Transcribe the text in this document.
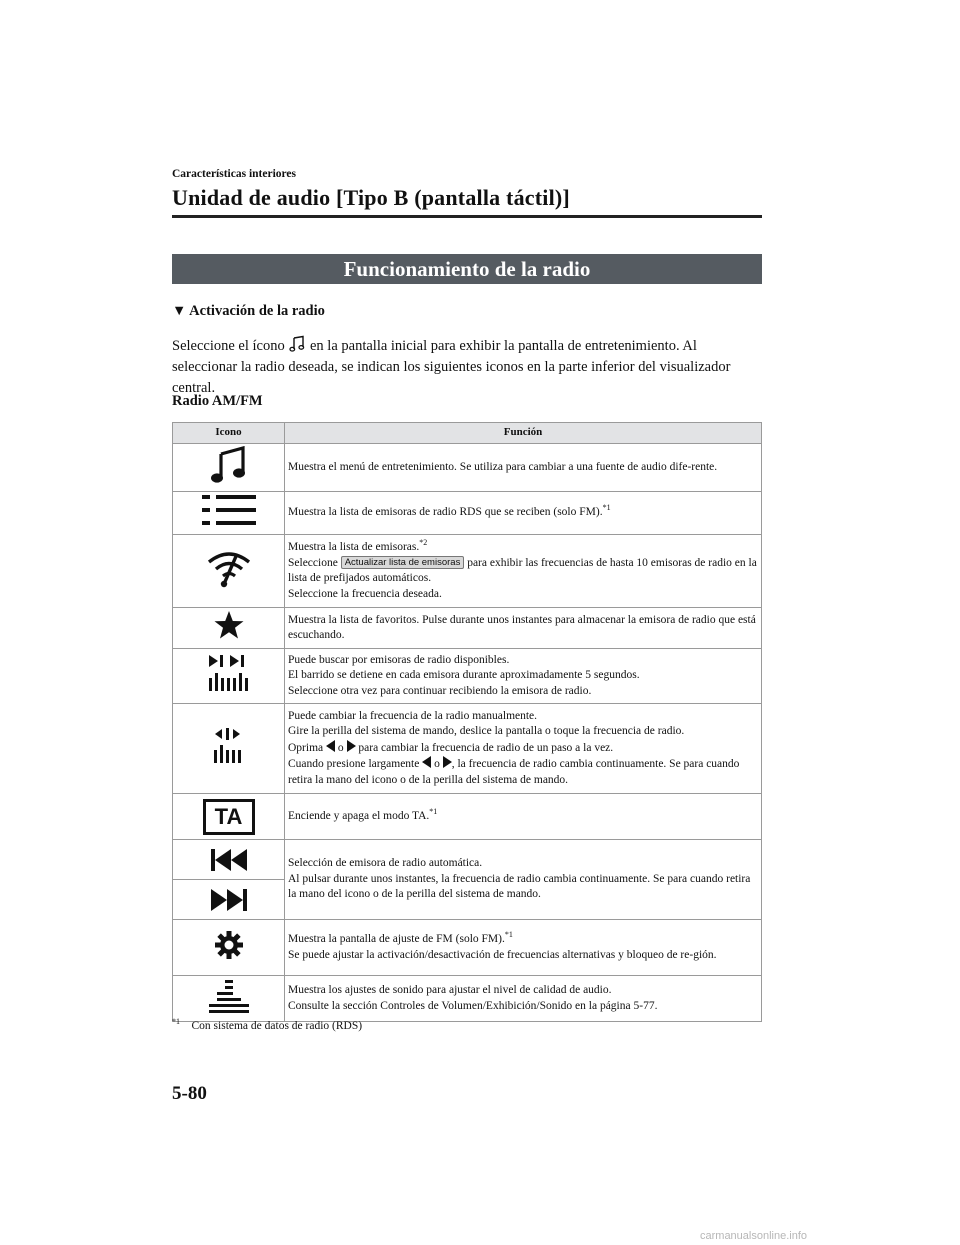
Características interiores
Unidad de audio [Tipo B (pantalla táctil)]
Funcionamiento de la radio
▼ Activación de la radio
Seleccione el ícono en la pantalla inicial para exhibir la pantalla de entretenimiento. Al seleccionar la radio deseada, se indican los siguientes iconos en la parte inferior del visualizador central.
Radio AM/FM
Icono	Función

Muestra el menú de entretenimiento. Se utiliza para cambiar a una fuente de audio dife-rente.

Muestra la lista de emisoras de radio RDS que se reciben (solo FM).$^{*1}$

Muestra la lista de emisoras.$^{*2}$
Seleccione Actualizar lista de emisoras para exhibir las frecuencias de hasta 10 emisoras de radio en la lista de prefijados automáticos.
Seleccione la frecuencia deseada.

Muestra la lista de favoritos. Pulse durante unos instantes para almacenar la emisora de radio que está escuchando.

Puede buscar por emisoras de radio disponibles.
El barrido se detiene en cada emisora durante aproximadamente 5 segundos.
Seleccione otra vez para continuar recibiendo la emisora de radio.

Puede cambiar la frecuencia de la radio manualmente.
Gire la perilla del sistema de mando, deslice la pantalla o toque la frecuencia de radio.
Oprima o para cambiar la frecuencia de radio de un paso a la vez.
Cuando presione largamente o , la frecuencia de radio cambia continuamente. Se para cuando retira la mano del icono o de la perilla del sistema de mando.

TA	Enciende y apaga el modo TA.$^{*1}$

Selección de emisora de radio automática.
Al pulsar durante unos instantes, la frecuencia de radio cambia continuamente. Se para cuando retira la mano del icono o de la perilla del sistema de mando.

Muestra la pantalla de ajuste de FM (solo FM).$^{*1}$
Se puede ajustar la activación/desactivación de frecuencias alternativas y bloqueo de re-gión.

Muestra los ajustes de sonido para ajustar el nivel de calidad de audio.
Consulte la sección Controles de Volumen/Exhibición/Sonido en la página 5-77.
$^{*1}$ Con sistema de datos de radio (RDS)
5-80
carmanualsonline.info
